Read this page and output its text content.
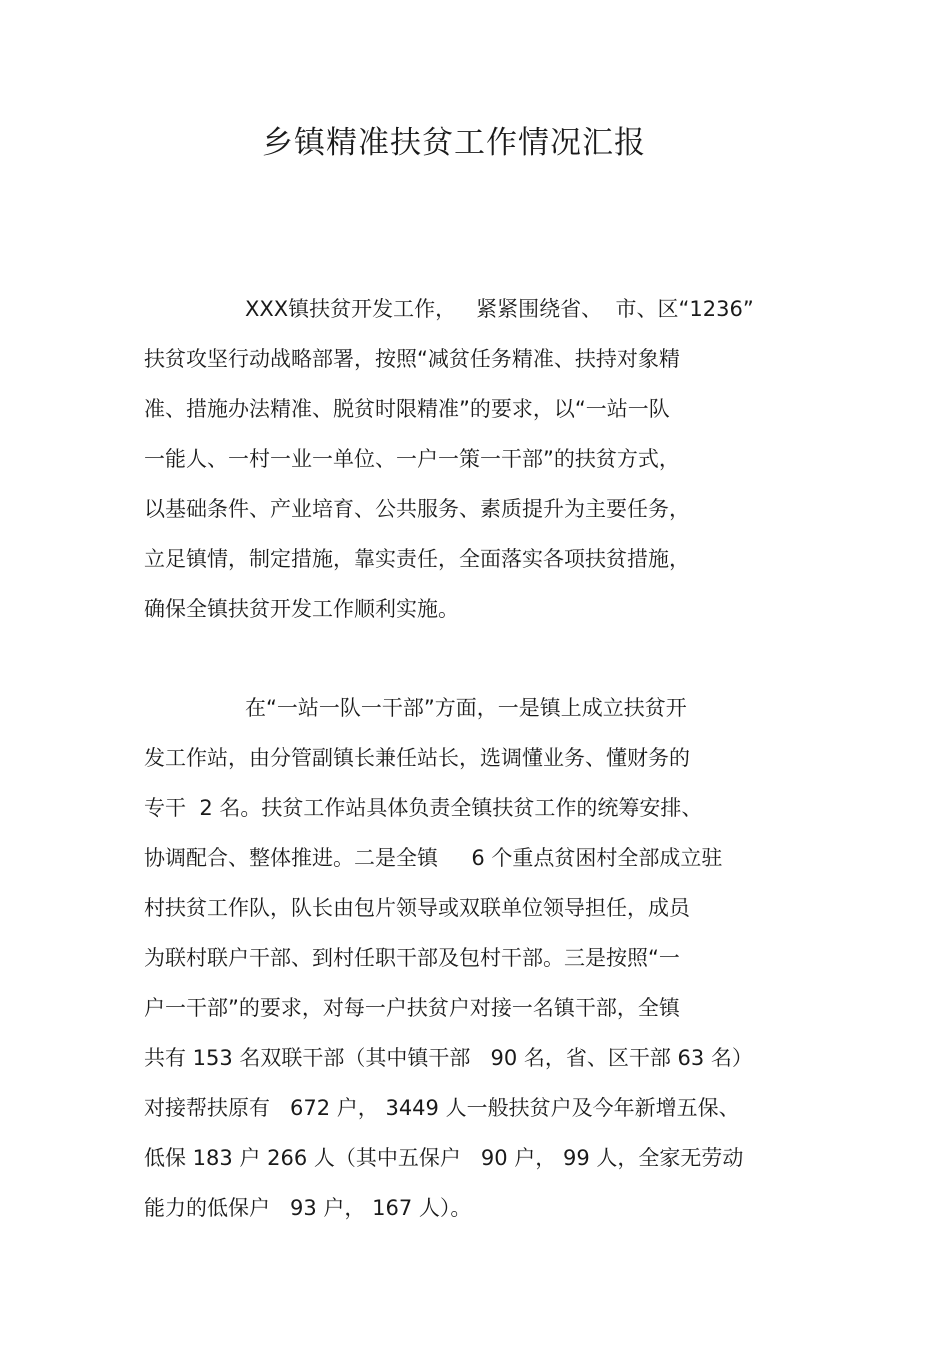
乡镇精准扶贫工作情况汇报
XXX镇扶贫开发工作，   紧紧围绕省、  市、区“1236”
扶贫攻坚行动战略部署，按照“减贫任务精准、扶持对象精
准、措施办法精准、脱贫时限精准”的要求，以“一站一队
一能人、一村一业一单位、一户一策一干部”的扶贫方式，
以基础条件、产业培育、公共服务、素质提升为主要任务，
立足镇情，制定措施，靠实责任，全面落实各项扶贫措施，
确保全镇扶贫开发工作顺利实施。
在“一站一队一干部”方面，一是镇上成立扶贫开
发工作站，由分管副镇长兼任站长，选调懂业务、懂财务的
专干  2 名。扶贫工作站具体负责全镇扶贫工作的统筹安排、
协调配合、整体推进。二是全镇     6 个重点贫困村全部成立驻
村扶贫工作队，队长由包片领导或双联单位领导担任，成员
为联村联户干部、到村任职干部及包村干部。三是按照“一
户一干部”的要求，对每一户扶贫户对接一名镇干部，全镇
共有 153 名双联干部（其中镇干部   90 名，省、区干部 63 名）
对接帮扶原有   672 户， 3449 人一般扶贫户及今年新增五保、
低保 183 户 266 人（其中五保户   90 户， 99 人，全家无劳动
能力的低保户   93 户， 167 人）。
